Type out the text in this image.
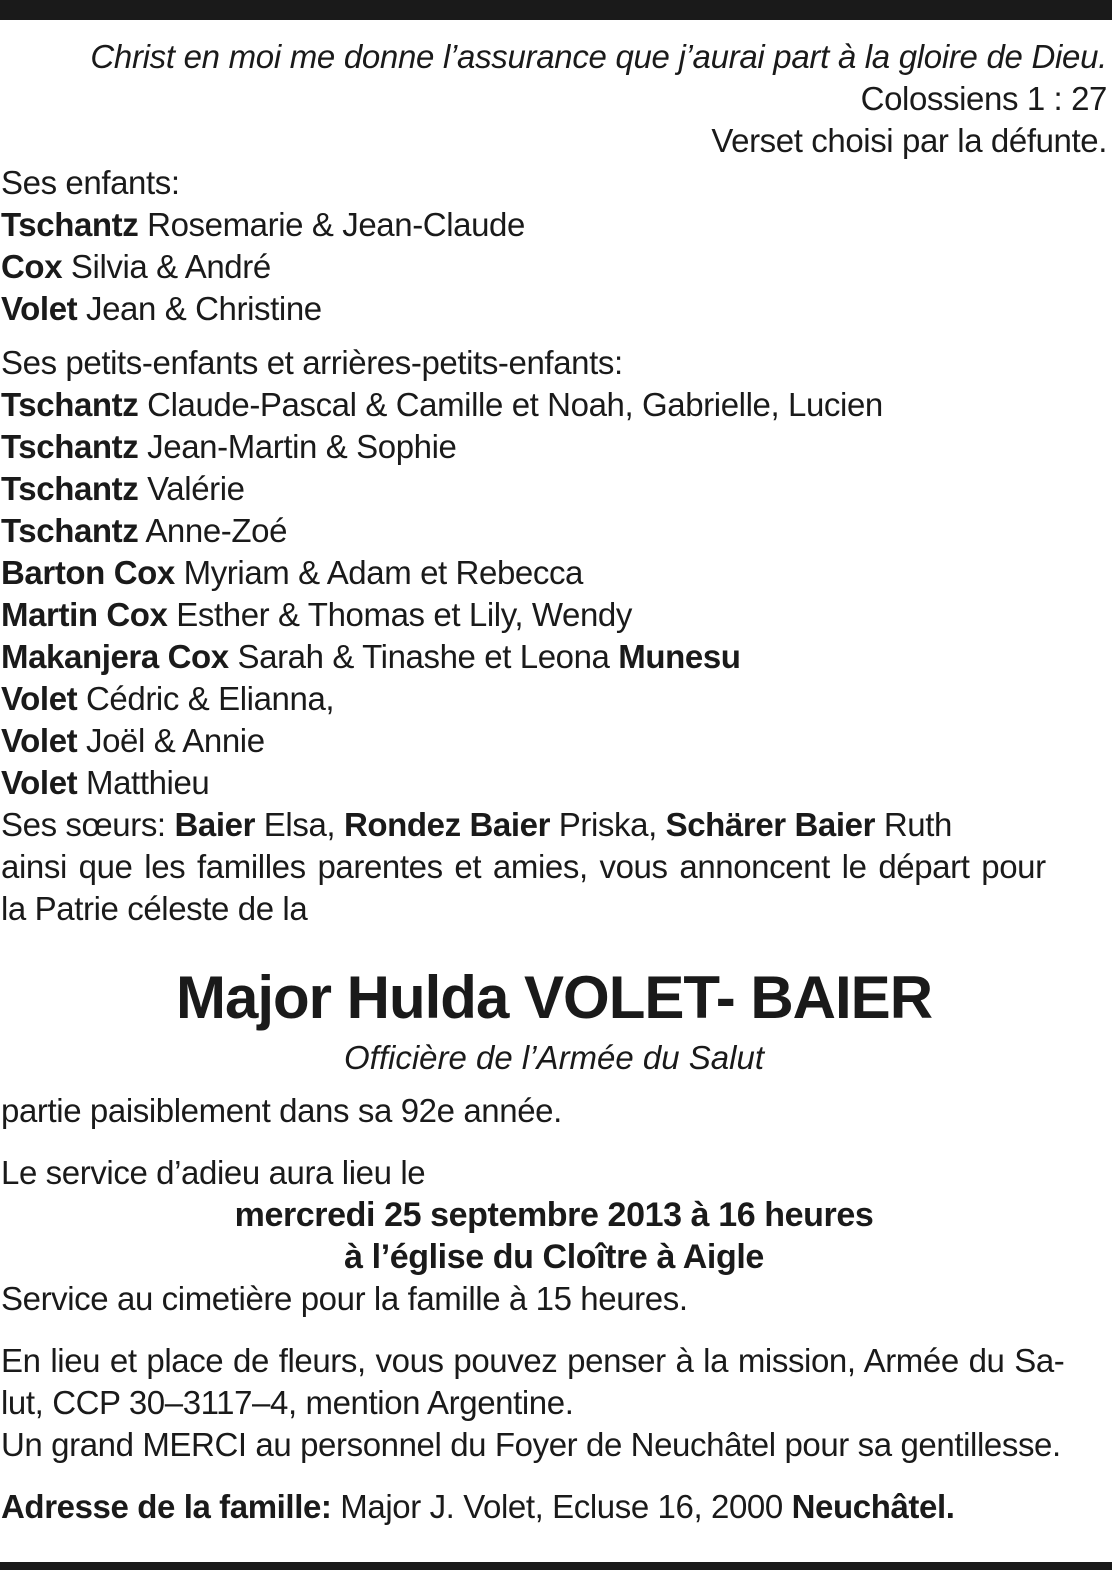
Christ en moi me donne l’assurance que j’aurai part à la gloire de Dieu.
Colossiens 1 : 27
Verset choisi par la défunte.
Ses enfants:
Tschantz Rosemarie & Jean-Claude
Cox Silvia & André
Volet Jean & Christine
Ses petits-enfants et arrières-petits-enfants:
Tschantz Claude-Pascal & Camille et Noah, Gabrielle, Lucien
Tschantz Jean-Martin & Sophie
Tschantz Valérie
Tschantz Anne-Zoé
Barton Cox Myriam & Adam et Rebecca
Martin Cox Esther & Thomas et Lily, Wendy
Makanjera Cox Sarah & Tinashe et Leona Munesu
Volet Cédric & Elianna,
Volet Joël & Annie
Volet Matthieu
Ses sœurs: Baier Elsa, Rondez Baier Priska, Schärer Baier Ruth
ainsi que les familles parentes et amies, vous annoncent le départ pour
la Patrie céleste de la
Major Hulda VOLET- BAIER
Officière de l’Armée du Salut
partie paisiblement dans sa 92e année.
Le service d’adieu aura lieu le
mercredi 25 septembre 2013 à 16 heures
à l’église du Cloître à Aigle
Service au cimetière pour la famille à 15 heures.
En lieu et place de fleurs, vous pouvez penser à la mission, Armée du Sa-
lut, CCP 30–3117–4, mention Argentine.
Un grand MERCI au personnel du Foyer de Neuchâtel pour sa gentillesse.
Adresse de la famille: Major J. Volet, Ecluse 16, 2000 Neuchâtel.
